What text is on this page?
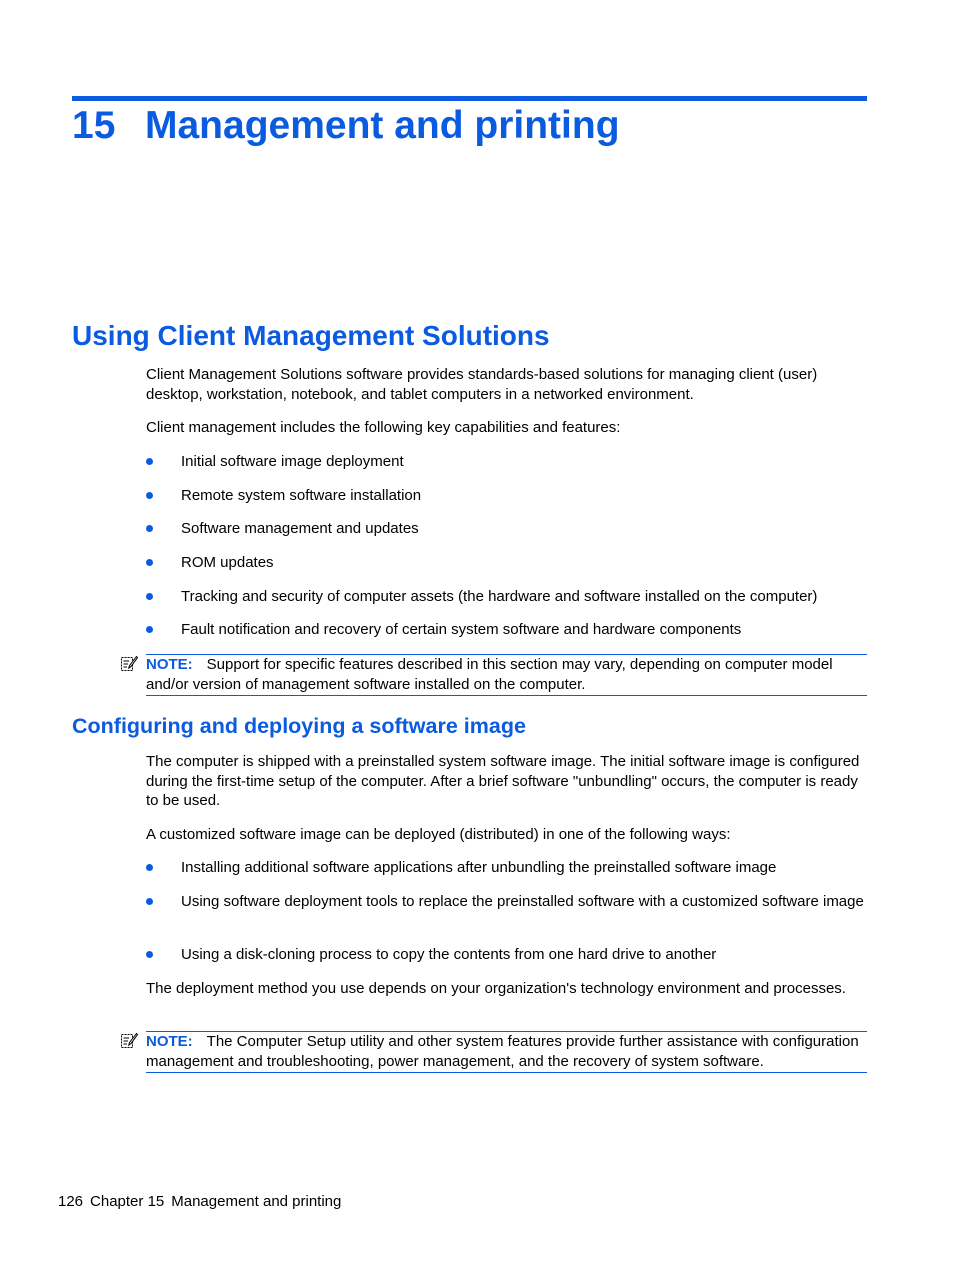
15 Management and printing
Using Client Management Solutions
Client Management Solutions software provides standards-based solutions for managing client (user) desktop, workstation, notebook, and tablet computers in a networked environment.
Client management includes the following key capabilities and features:
Initial software image deployment
Remote system software installation
Software management and updates
ROM updates
Tracking and security of computer assets (the hardware and software installed on the computer)
Fault notification and recovery of certain system software and hardware components
NOTE: Support for specific features described in this section may vary, depending on computer model and/or version of management software installed on the computer.
Configuring and deploying a software image
The computer is shipped with a preinstalled system software image. The initial software image is configured during the first-time setup of the computer. After a brief software "unbundling" occurs, the computer is ready to be used.
A customized software image can be deployed (distributed) in one of the following ways:
Installing additional software applications after unbundling the preinstalled software image
Using software deployment tools to replace the preinstalled software with a customized software image
Using a disk-cloning process to copy the contents from one hard drive to another
The deployment method you use depends on your organization's technology environment and processes.
NOTE: The Computer Setup utility and other system features provide further assistance with configuration management and troubleshooting, power management, and the recovery of system software.
126 Chapter 15 Management and printing
